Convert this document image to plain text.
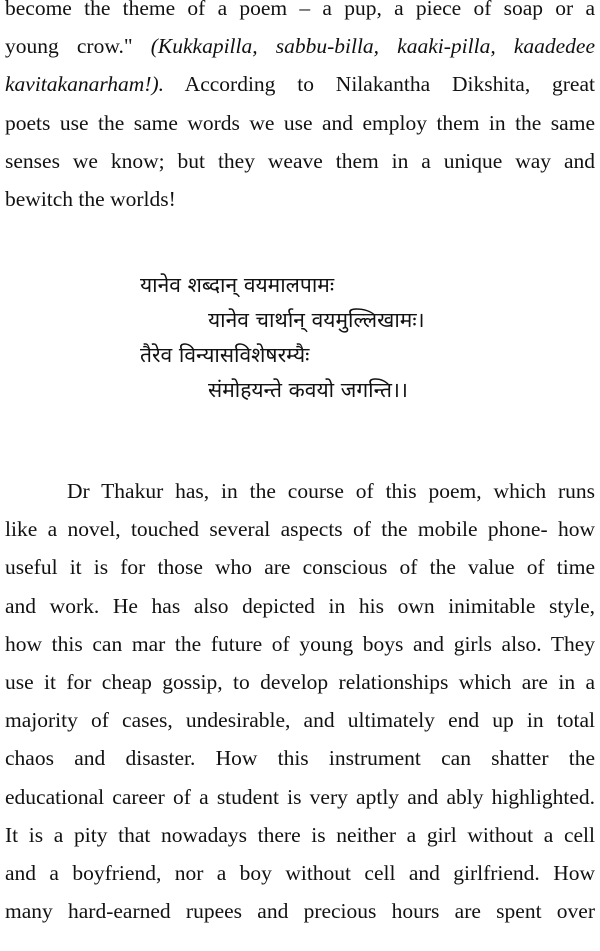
become the theme of a poem – a pup, a piece of soap or a
young crow." (Kukkapilla, sabbu-billa, kaaki-pilla, kaadedee
kavitakanarham!). According to Nilakantha Dikshita, great
poets use the same words we use and employ them in the same
senses we know; but they weave them in a unique way and
bewitch the worlds!

यानेव शब्दान् वयमालपामः
यानेव चार्थान् वयमुल्लिखामः।
तैरेव विन्यासविशेषरम्यैः
संमोहयन्ते कवयो जगन्ति।।

Dr Thakur has, in the course of this poem, which runs
like a novel, touched several aspects of the mobile phone- how
useful it is for those who are conscious of the value of time
and work. He has also depicted in his own inimitable style,
how this can mar the future of young boys and girls also. They
use it for cheap gossip, to develop relationships which are in a
majority of cases, undesirable, and ultimately end up in total
chaos and disaster. How this instrument can shatter the
educational career of a student is very aptly and ably highlighted.
It is a pity that nowadays there is neither a girl without a cell
and a boyfriend, nor a boy without cell and girlfriend. How
many hard-earned rupees and precious hours are spent over
